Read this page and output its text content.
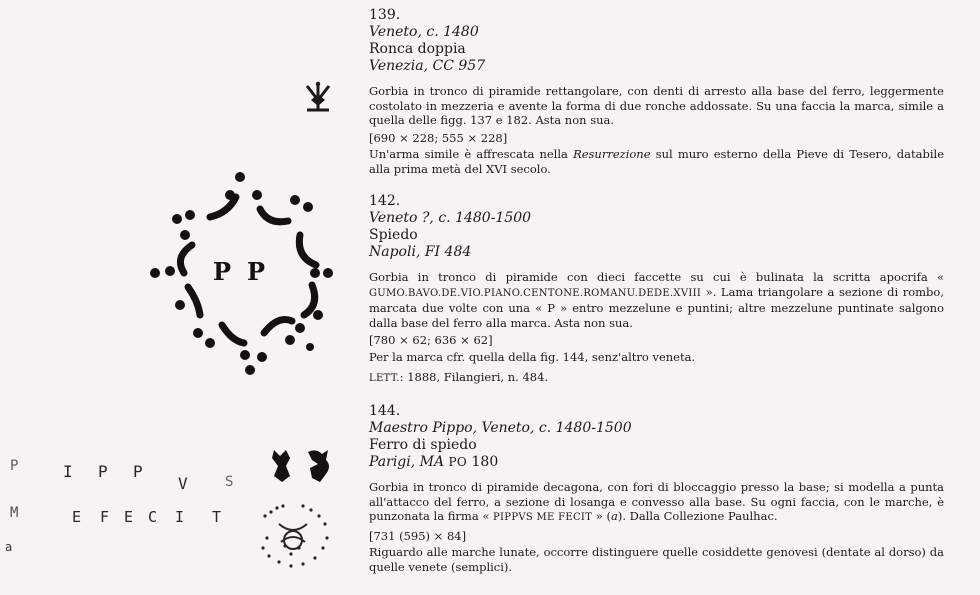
139.
Veneto, c. 1480
Ronca doppia
Venezia, CC 957
Gorbia in tronco di piramide rettangolare, con denti di arresto alla base del ferro, leggermente costolato in mezzeria e avente la forma di due ronche addossate. Su una faccia la marca, simile a quella delle figg. 137 e 182. Asta non sua.
[690 × 228; 555 × 228]
Un'arma simile è affrescata nella Resurrezione sul muro esterno della Pieve di Tesero, databile alla prima metà del XVI secolo.
142.
Veneto ?, c. 1480-1500
Spiedo
Napoli, FI 484
Gorbia in tronco di piramide con dieci faccette su cui è bulinata la scritta apocrifa « GUMO.BAVO.DE.VIO.PIANO.CENTONE.ROMANU.DEDE.XVIII ». Lama triangolare a sezione di rombo, marcata due volte con una « P » entro mezzelune e puntini; altre mezzelune puntinate salgono dalla base del ferro alla marca. Asta non sua.
[780 × 62; 636 × 62]
Per la marca cfr. quella della fig. 144, senz'altro veneta.
LETT.: 1888, Filangieri, n. 484.
144.
Maestro Pippo, Veneto, c. 1480-1500
Ferro di spiedo
Parigi, MA PO 180
Gorbia in tronco di piramide decagona, con fori di bloccaggio presso la base; si modella a punta all'attacco del ferro, a sezione di losanga e convesso alla base. Su ogni faccia, con le marche, è punzonata la firma « PIPPVS ME FECIT » (a). Dalla Collezione Paulhac.
[731 (595) × 84]
Riguardo alle marche lunate, occorre distinguere quelle cosiddette genovesi (dentate al dorso) da quelle venete (semplici).
P P
P	I P P
V	S
M	E F E C I T
a
